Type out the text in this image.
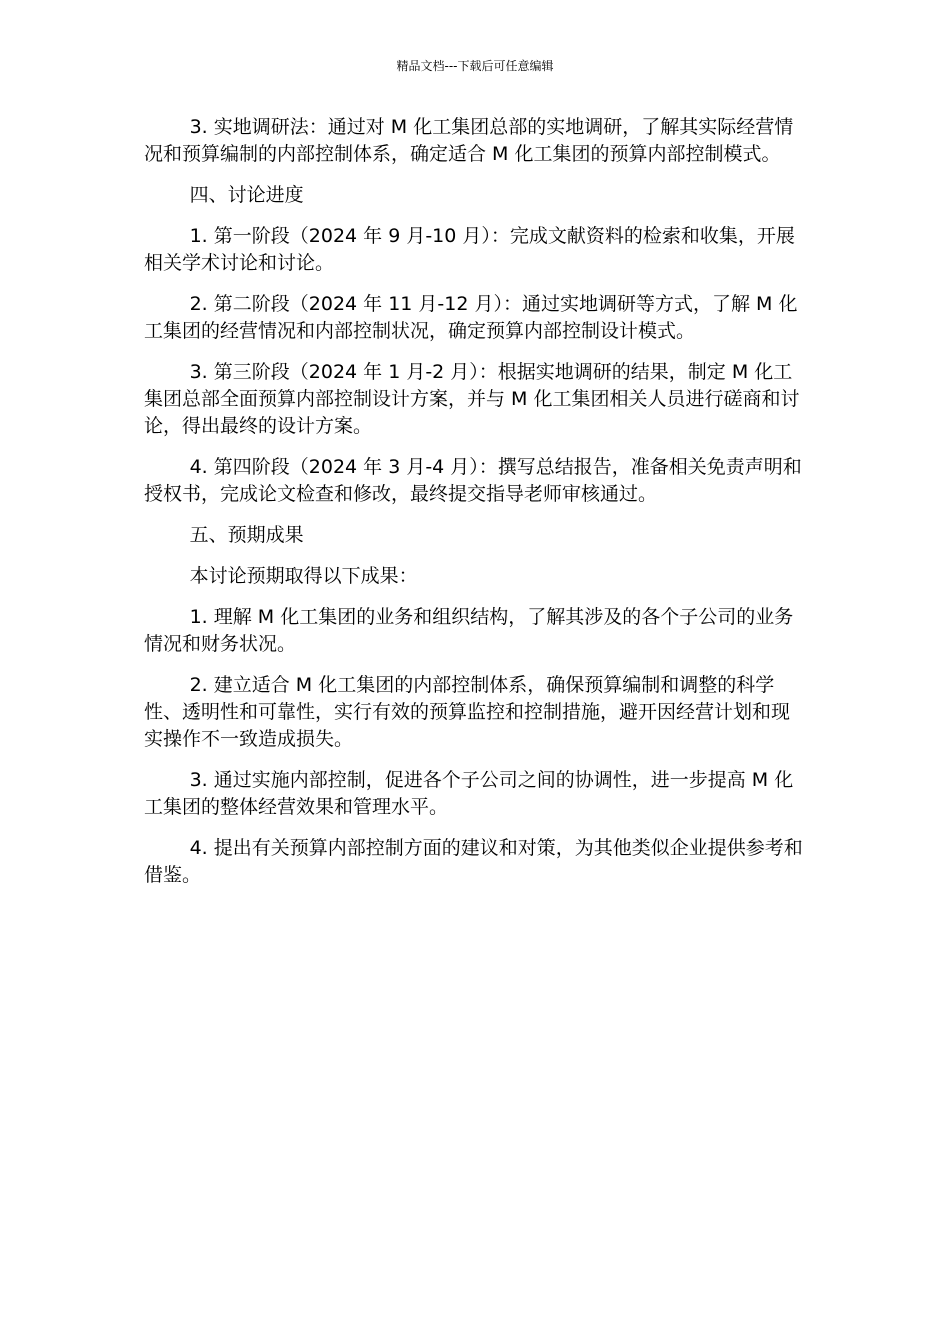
精品文档---下载后可任意编辑

3. 实地调研法：通过对 M 化工集团总部的实地调研，了解其实际经营情况和预算编制的内部控制体系，确定适合 M 化工集团的预算内部控制模式。

四、讨论进度

1. 第一阶段（2024 年 9 月-10 月）：完成文献资料的检索和收集，开展相关学术讨论和讨论。

2. 第二阶段（2024 年 11 月-12 月）：通过实地调研等方式，了解 M 化工集团的经营情况和内部控制状况，确定预算内部控制设计模式。

3. 第三阶段（2024 年 1 月-2 月）：根据实地调研的结果，制定 M 化工集团总部全面预算内部控制设计方案，并与 M 化工集团相关人员进行磋商和讨论，得出最终的设计方案。

4. 第四阶段（2024 年 3 月-4 月）：撰写总结报告，准备相关免责声明和授权书，完成论文检查和修改，最终提交指导老师审核通过。

五、预期成果

本讨论预期取得以下成果：

1. 理解 M 化工集团的业务和组织结构，了解其涉及的各个子公司的业务情况和财务状况。

2. 建立适合 M 化工集团的内部控制体系，确保预算编制和调整的科学性、透明性和可靠性，实行有效的预算监控和控制措施，避开因经营计划和现实操作不一致造成损失。

3. 通过实施内部控制，促进各个子公司之间的协调性，进一步提高 M 化工集团的整体经营效果和管理水平。

4. 提出有关预算内部控制方面的建议和对策，为其他类似企业提供参考和借鉴。
